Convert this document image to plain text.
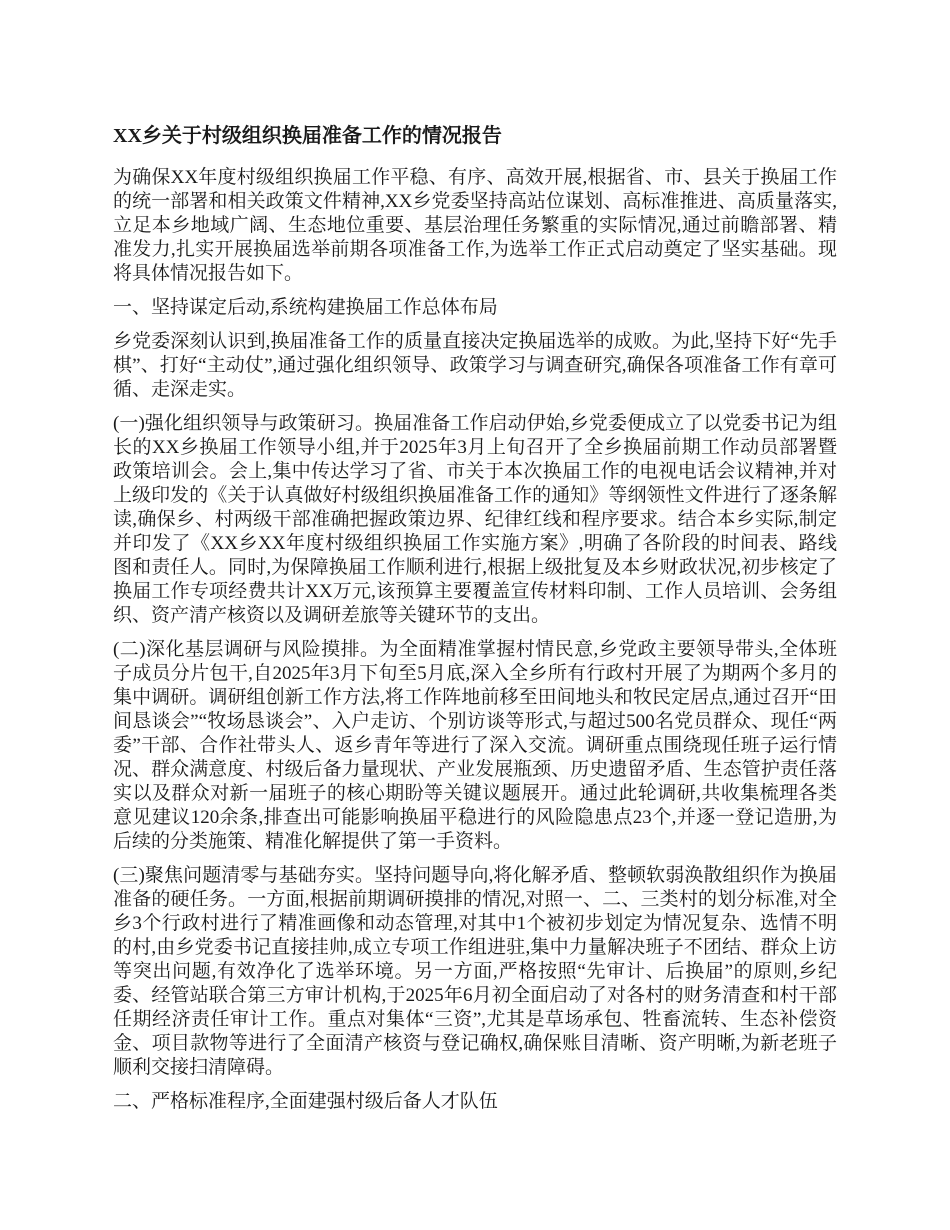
XX乡关于村级组织换届准备工作的情况报告

为确保XX年度村级组织换届工作平稳、有序、高效开展,根据省、市、县关于换届工作的统一部署和相关政策文件精神,XX乡党委坚持高站位谋划、高标准推进、高质量落实,立足本乡地域广阔、生态地位重要、基层治理任务繁重的实际情况,通过前瞻部署、精准发力,扎实开展换届选举前期各项准备工作,为选举工作正式启动奠定了坚实基础。现将具体情况报告如下。

一、坚持谋定后动,系统构建换届工作总体布局

乡党委深刻认识到,换届准备工作的质量直接决定换届选举的成败。为此,坚持下好“先手棋”、打好“主动仗”,通过强化组织领导、政策学习与调查研究,确保各项准备工作有章可循、走深走实。

(一)强化组织领导与政策研习。换届准备工作启动伊始,乡党委便成立了以党委书记为组长的XX乡换届工作领导小组,并于2025年3月上旬召开了全乡换届前期工作动员部署暨政策培训会。会上,集中传达学习了省、市关于本次换届工作的电视电话会议精神,并对上级印发的《关于认真做好村级组织换届准备工作的通知》等纲领性文件进行了逐条解读,确保乡、村两级干部准确把握政策边界、纪律红线和程序要求。结合本乡实际,制定并印发了《XX乡XX年度村级组织换届工作实施方案》,明确了各阶段的时间表、路线图和责任人。同时,为保障换届工作顺利进行,根据上级批复及本乡财政状况,初步核定了换届工作专项经费共计XX万元,该预算主要覆盖宣传材料印制、工作人员培训、会务组织、资产清产核资以及调研差旅等关键环节的支出。

(二)深化基层调研与风险摸排。为全面精准掌握村情民意,乡党政主要领导带头,全体班子成员分片包干,自2025年3月下旬至5月底,深入全乡所有行政村开展了为期两个多月的集中调研。调研组创新工作方法,将工作阵地前移至田间地头和牧民定居点,通过召开“田间恳谈会”“牧场恳谈会”、入户走访、个别访谈等形式,与超过500名党员群众、现任“两委”干部、合作社带头人、返乡青年等进行了深入交流。调研重点围绕现任班子运行情况、群众满意度、村级后备力量现状、产业发展瓶颈、历史遗留矛盾、生态管护责任落实以及群众对新一届班子的核心期盼等关键议题展开。通过此轮调研,共收集梳理各类意见建议120余条,排查出可能影响换届平稳进行的风险隐患点23个,并逐一登记造册,为后续的分类施策、精准化解提供了第一手资料。

(三)聚焦问题清零与基础夯实。坚持问题导向,将化解矛盾、整顿软弱涣散组织作为换届准备的硬任务。一方面,根据前期调研摸排的情况,对照一、二、三类村的划分标准,对全乡3个行政村进行了精准画像和动态管理,对其中1个被初步划定为情况复杂、选情不明的村,由乡党委书记直接挂帅,成立专项工作组进驻,集中力量解决班子不团结、群众上访等突出问题,有效净化了选举环境。另一方面,严格按照“先审计、后换届”的原则,乡纪委、经管站联合第三方审计机构,于2025年6月初全面启动了对各村的财务清查和村干部任期经济责任审计工作。重点对集体“三资”,尤其是草场承包、牲畜流转、生态补偿资金、项目款物等进行了全面清产核资与登记确权,确保账目清晰、资产明晰,为新老班子顺利交接扫清障碍。

二、严格标准程序,全面建强村级后备人才队伍
